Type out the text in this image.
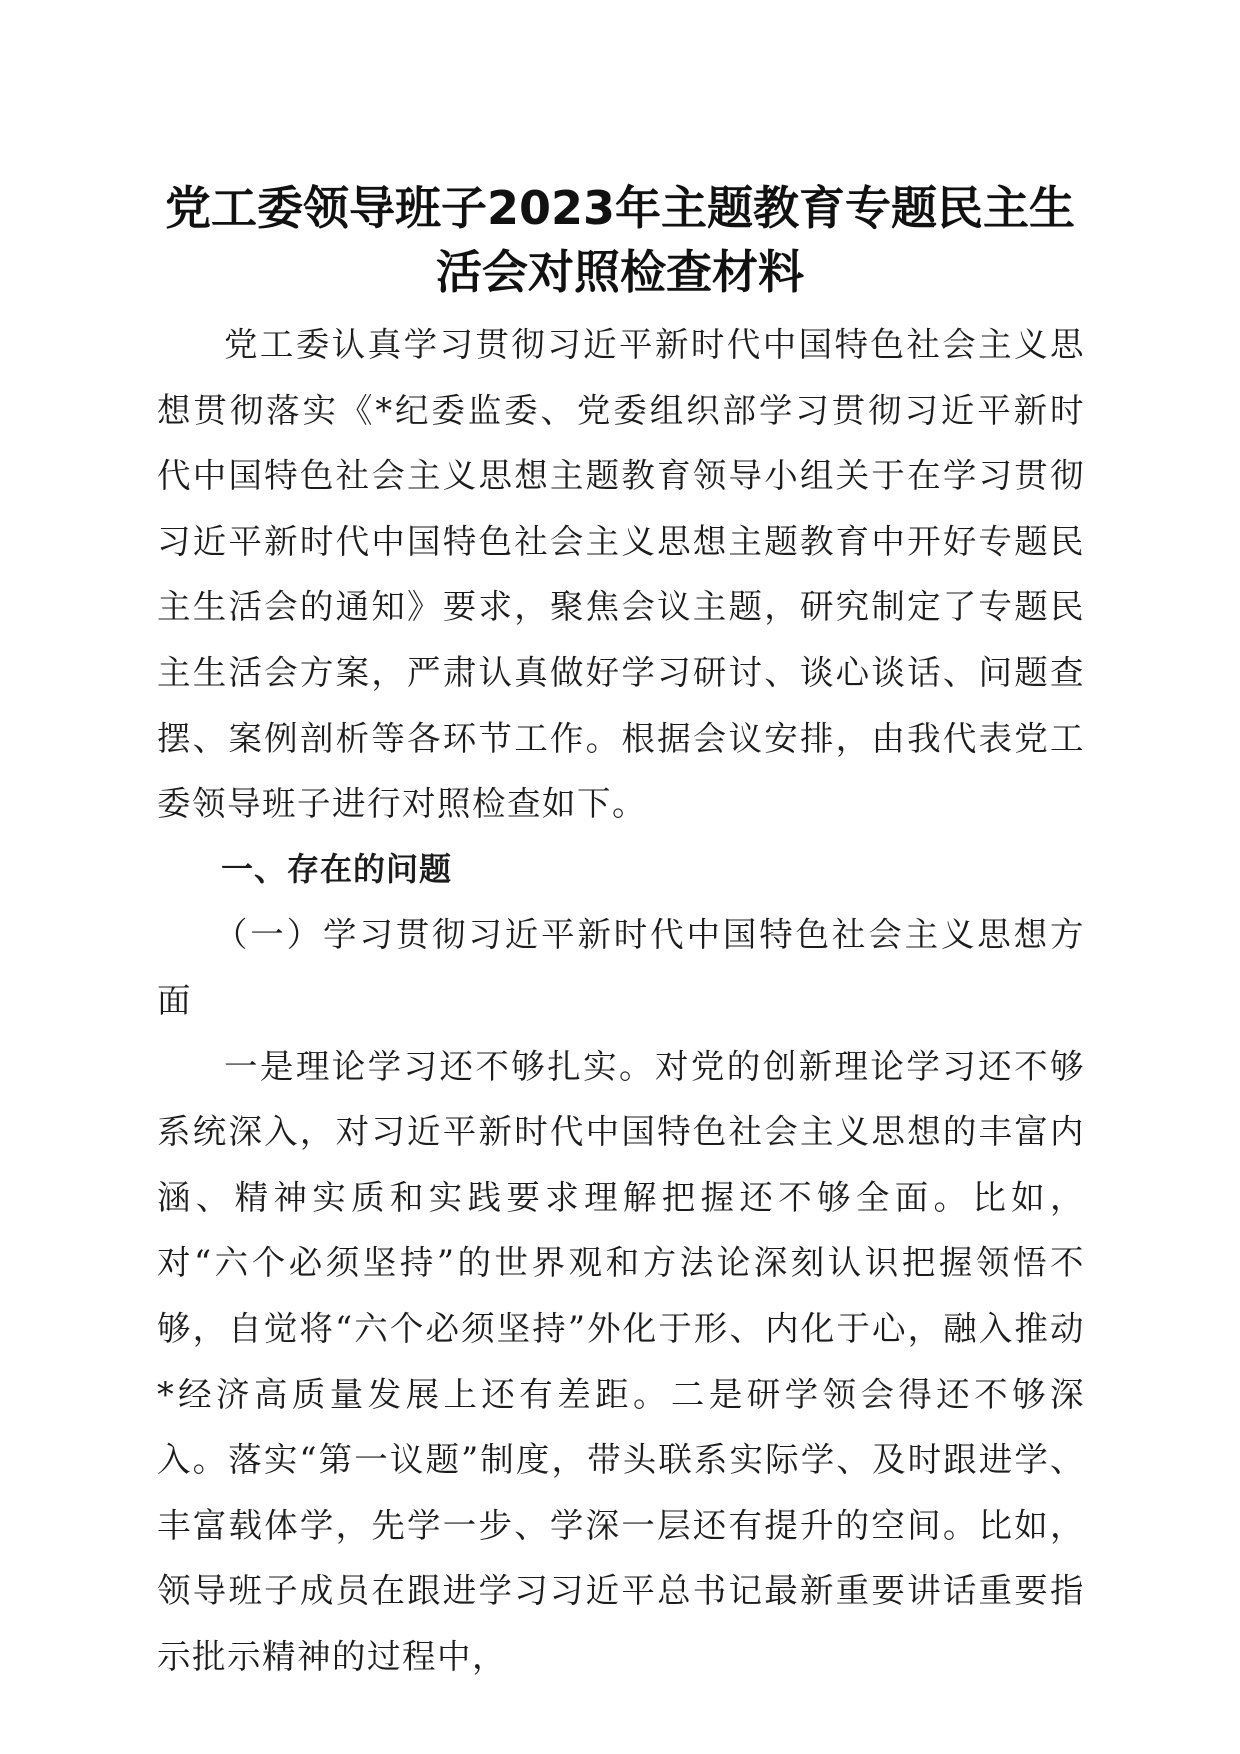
党工委领导班子2023年主题教育专题民主生
活会对照检查材料

党工委认真学习贯彻习近平新时代中国特色社会主义思想贯彻落实《*纪委监委、党委组织部学习贯彻习近平新时代中国特色社会主义思想主题教育领导小组关于在学习贯彻习近平新时代中国特色社会主义思想主题教育中开好专题民主生活会的通知》要求，聚焦会议主题，研究制定了专题民主生活会方案，严肃认真做好学习研讨、谈心谈话、问题查摆、案例剖析等各环节工作。根据会议安排，由我代表党工委领导班子进行对照检查如下。

一、存在的问题

（一）学习贯彻习近平新时代中国特色社会主义思想方面

一是理论学习还不够扎实。对党的创新理论学习还不够系统深入，对习近平新时代中国特色社会主义思想的丰富内涵、精神实质和实践要求理解把握还不够全面。比如，对“六个必须坚持”的世界观和方法论深刻认识把握领悟不够，自觉将“六个必须坚持”外化于形、内化于心，融入推动*经济高质量发展上还有差距。二是研学领会得还不够深入。落实“第一议题”制度，带头联系实际学、及时跟进学、丰富载体学，先学一步、学深一层还有提升的空间。比如，领导班子成员在跟进学习习近平总书记最新重要讲话重要指示批示精神的过程中，
